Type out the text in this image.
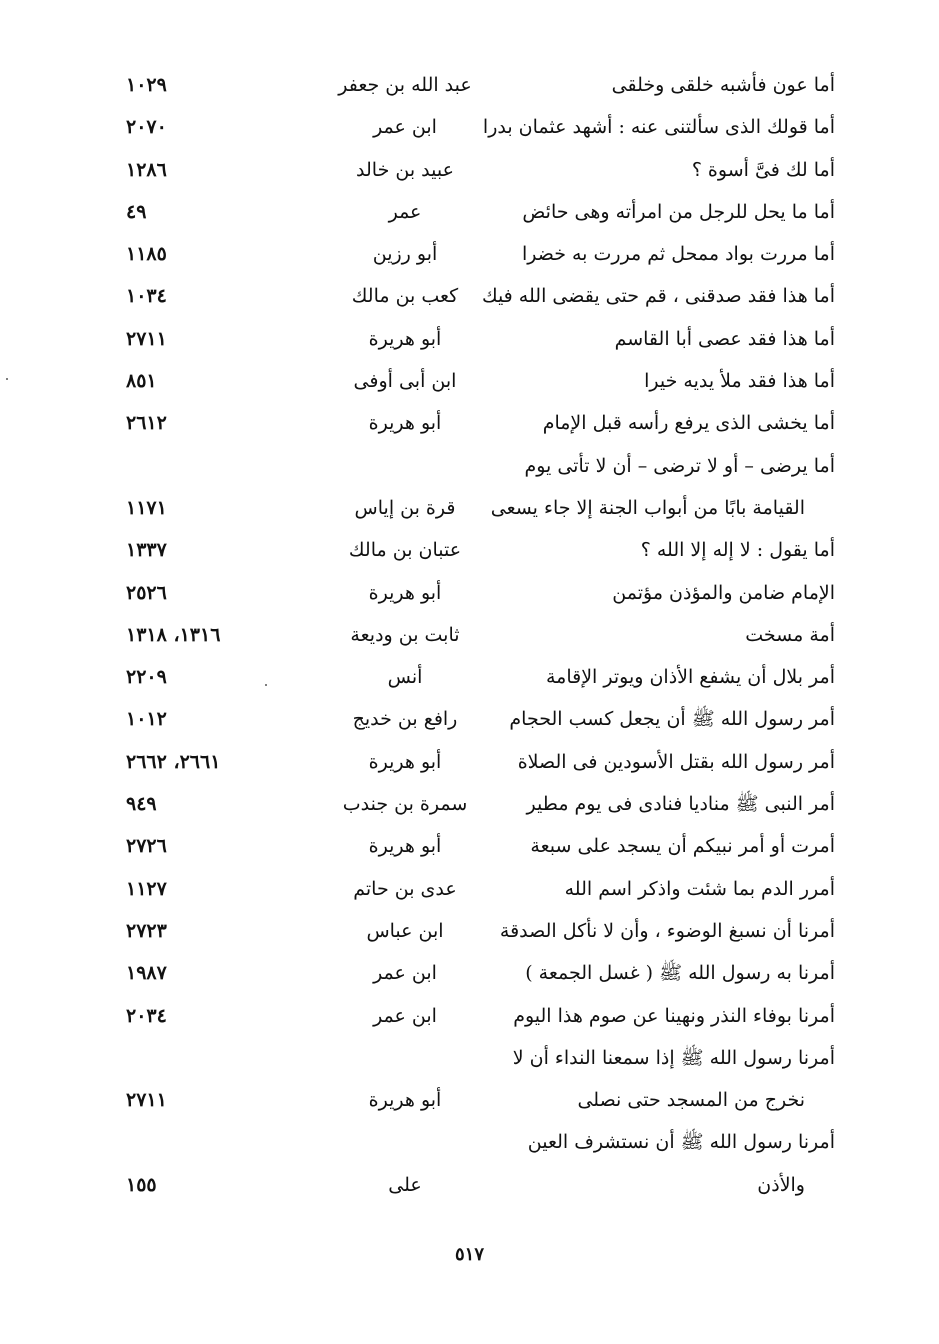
أما عون فأشبه خلقى وخلقى
عبد الله بن جعفر
١٠٢٩
أما قولك الذى سألتنى عنه : أشهد عثمان بدرا
ابن عمر
٢٠٧٠
أما لك فىَّ أسوة ؟
عبيد بن خالد
١٢٨٦
أما ما يحل للرجل من امرأته وهى حائض
عمر
٤٩
أما مررت بواد ممحل ثم مررت به خضرا
أبو رزين
١١٨٥
أما هذا فقد صدقنى ، قم حتى يقضى الله فيك
كعب بن مالك
١٠٣٤
أما هذا فقد عصى أبا القاسم
أبو هريرة
٢٧١١
أما هذا فقد ملأ يديه خيرا
ابن أبى أوفى
٨٥١
أما يخشى الذى يرفع رأسه قبل الإمام
أبو هريرة
٢٦١٢
أما يرضى – أو لا ترضى – أن لا تأتى يوم
القيامة بابًا من أبواب الجنة إلا جاء يسعى
قرة بن إياس
١١٧١
أما يقول : لا إله إلا الله ؟
عتبان بن مالك
١٣٣٧
الإمام ضامن والمؤذن مؤتمن
أبو هريرة
٢٥٢٦
أمة مسخت
ثابت بن وديعة
١٣١٦، ١٣١٨
أمر بلال أن يشفع الأذان ويوتر الإقامة
أنس
٢٢٠٩
أمر رسول الله ﷺ أن يجعل كسب الحجام
رافع بن خديج
١٠١٢
أمر رسول الله بقتل الأسودين فى الصلاة
أبو هريرة
٢٦٦١، ٢٦٦٢
أمر النبى ﷺ مناديا فنادى فى يوم مطير
سمرة بن جندب
٩٤٩
أمرت أو أمر نبيكم أن يسجد على سبعة
أبو هريرة
٢٧٢٦
أمرر الدم بما شئت واذكر اسم الله
عدى بن حاتم
١١٢٧
أمرنا أن نسبغ الوضوء ، وأن لا نأكل الصدقة
ابن عباس
٢٧٢٣
أمرنا به رسول الله ﷺ ( غسل الجمعة )
ابن عمر
١٩٨٧
أمرنا بوفاء النذر ونهينا عن صوم هذا اليوم
ابن عمر
٢٠٣٤
أمرنا رسول الله ﷺ إذا سمعنا النداء أن لا
نخرج من المسجد حتى نصلى
أبو هريرة
٢٧١١
أمرنا رسول الله ﷺ أن نستشرف العين
والأذن
على
١٥٥
٥١٧
